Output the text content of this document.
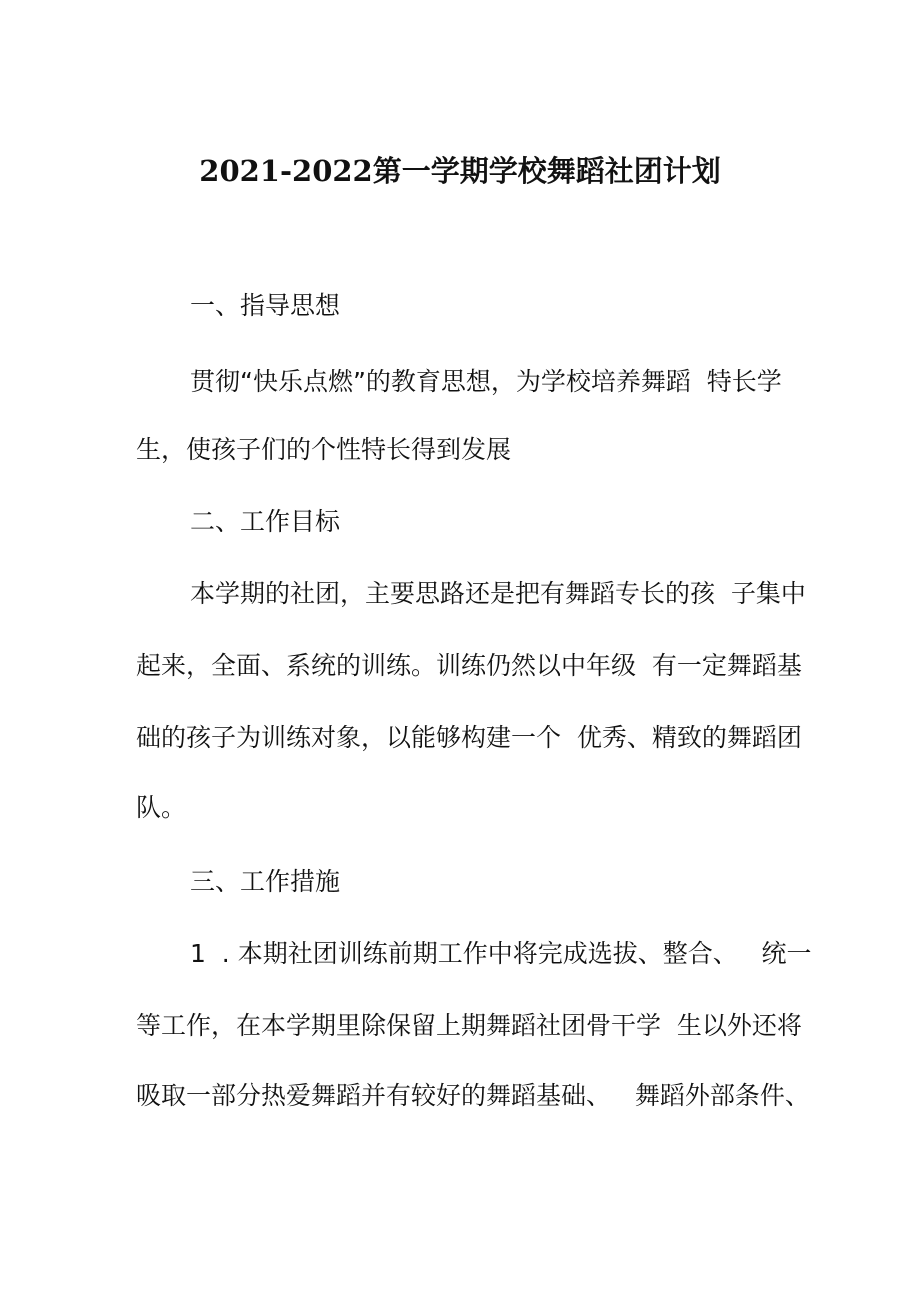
2021-2022第一学期学校舞蹈社团计划

一、指导思想

贯彻“快乐点燃”的教育思想，为学校培养舞蹈  特长学

生，使孩子们的个性特长得到发展

二、工作目标

本学期的社团，主要思路还是把有舞蹈专长的孩  子集中

起来，全面、系统的训练。训练仍然以中年级  有一定舞蹈基

础的孩子为训练对象，以能够构建一个  优秀、精致的舞蹈团

队。

三、工作措施

1  . 本期社团训练前期工作中将完成选拔、整合、   统一

等工作，在本学期里除保留上期舞蹈社团骨干学  生以外还将

吸取一部分热爱舞蹈并有较好的舞蹈基础、   舞蹈外部条件、
